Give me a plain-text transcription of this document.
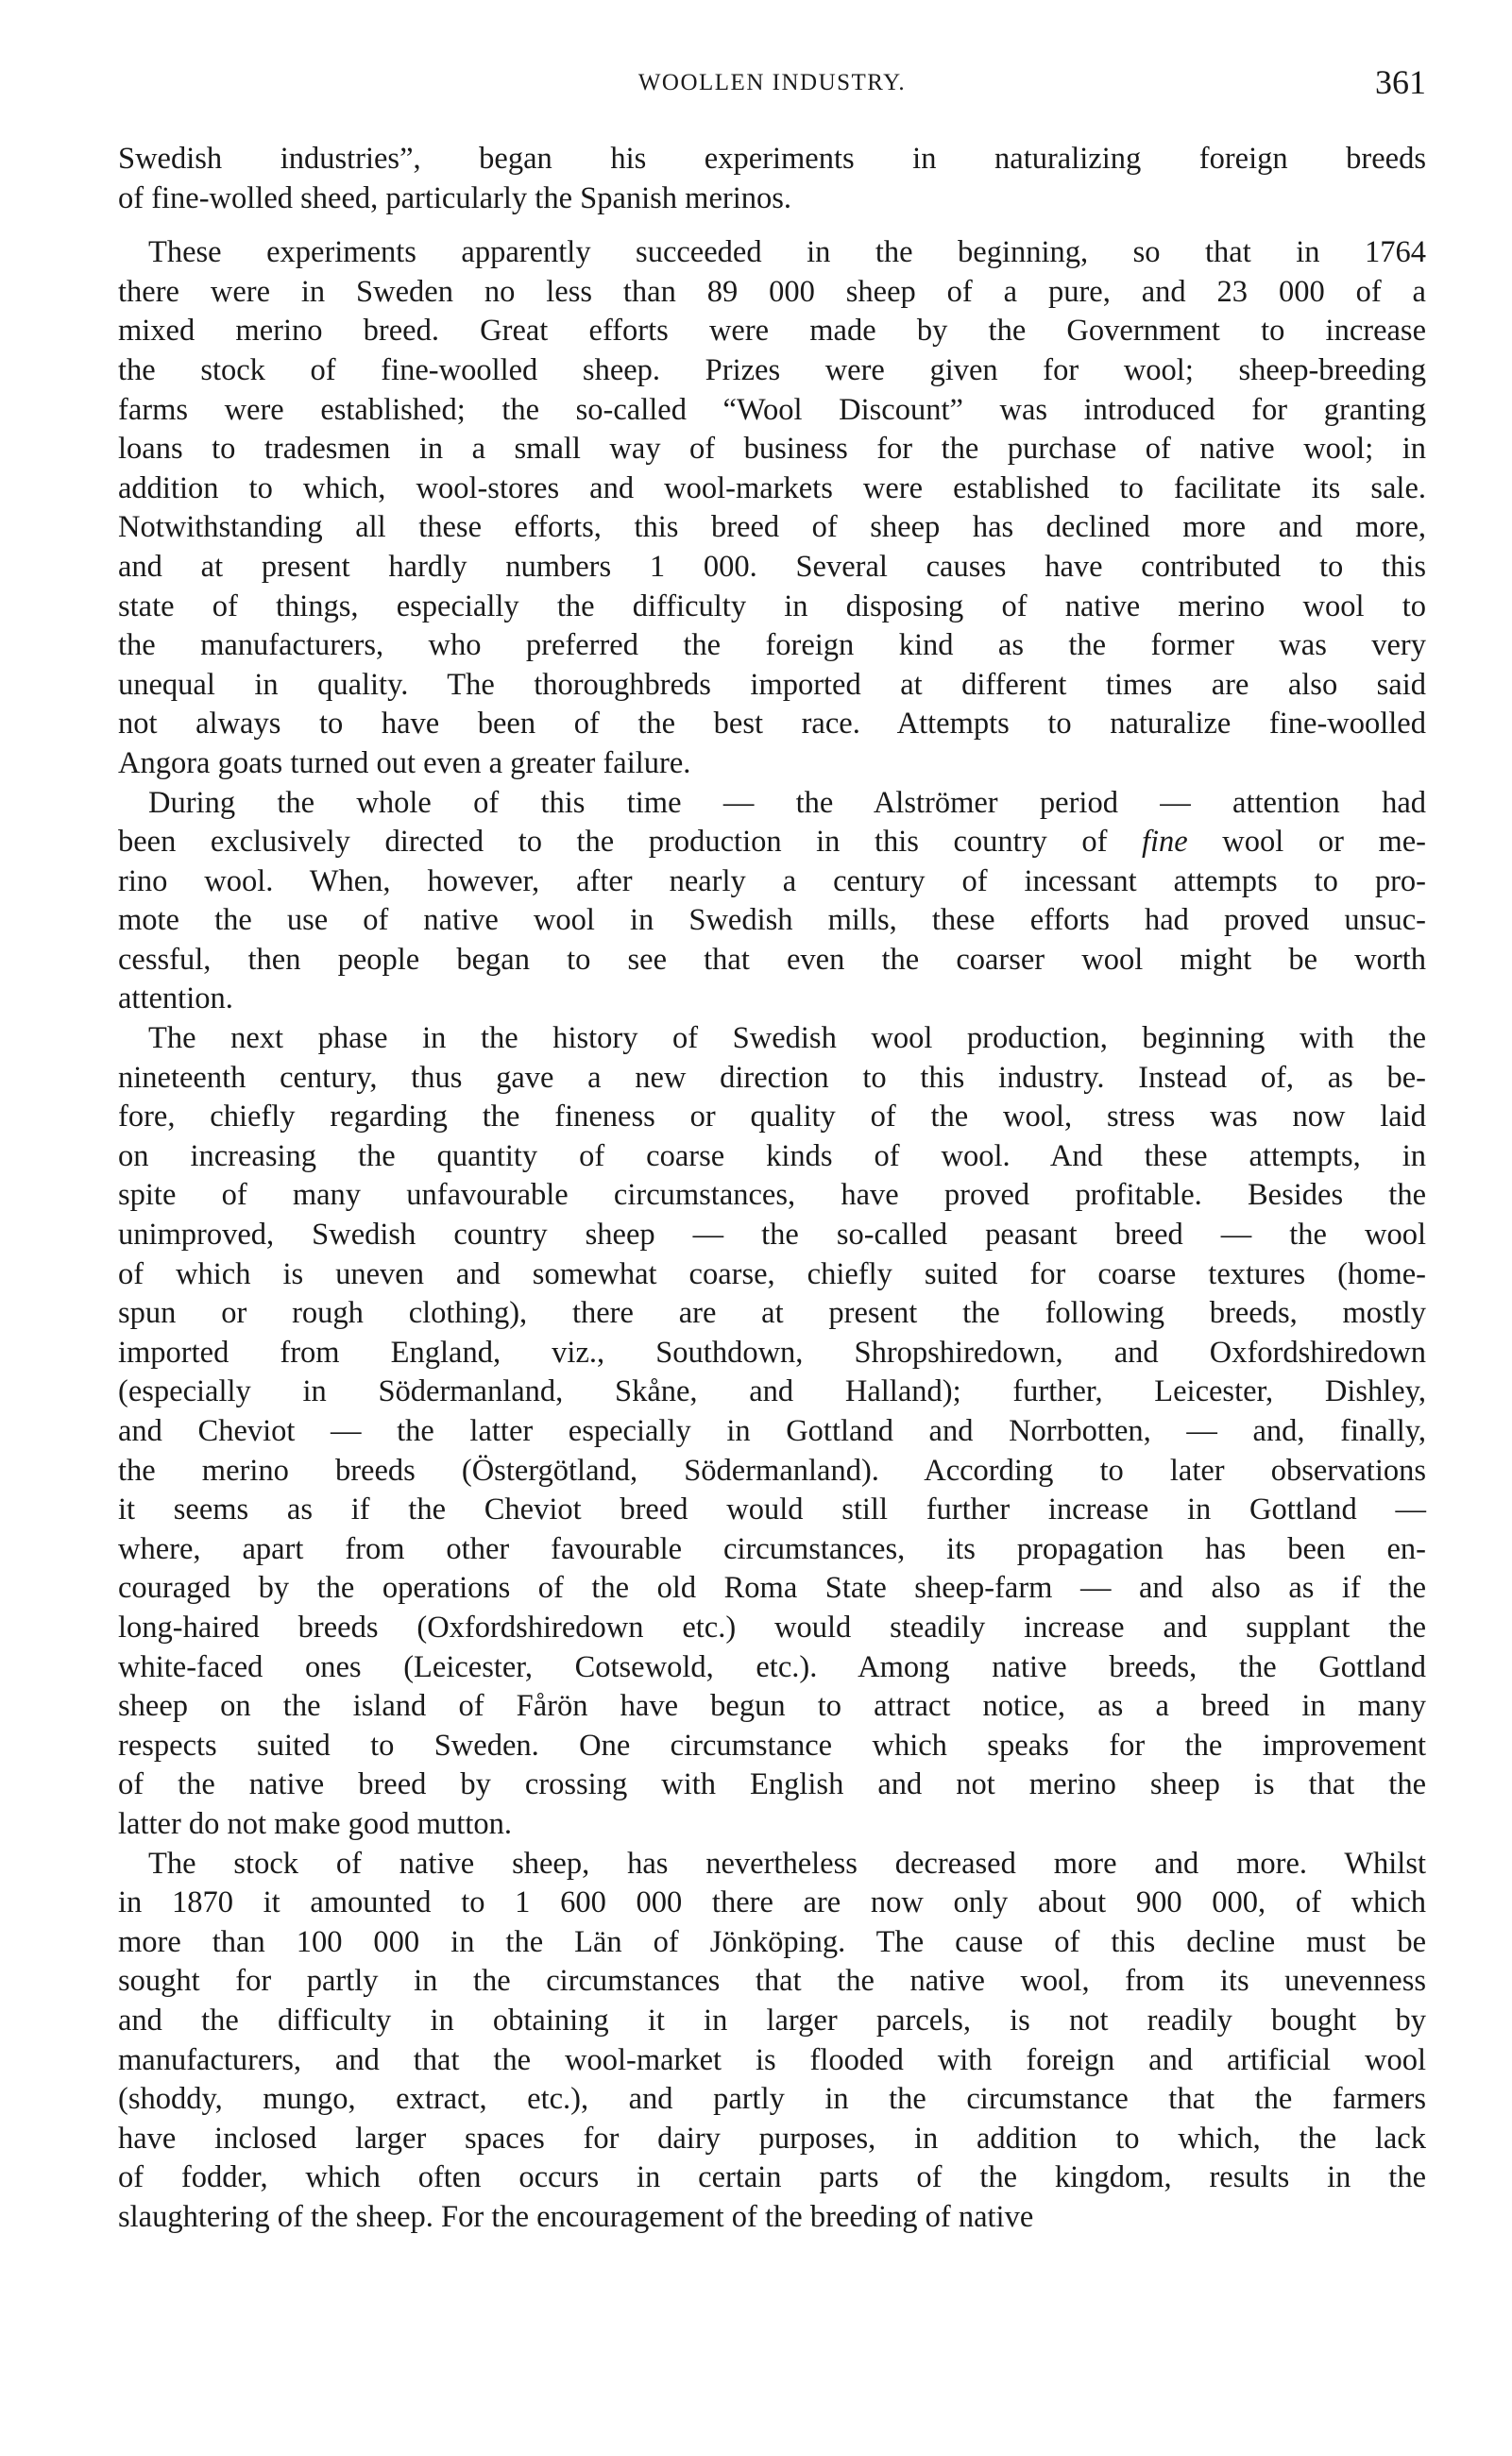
WOOLLEN INDUSTRY.	361
Swedish industries”, began his experiments in naturalizing foreign breeds
of fine-wolled sheed, particularly the Spanish merinos.
These experiments apparently succeeded in the beginning, so that in 1764
there were in Sweden no less than 89 000 sheep of a pure, and 23 000 of a
mixed merino breed. Great efforts were made by the Government to increase
the stock of fine-woolled sheep. Prizes were given for wool; sheep-breeding
farms were established; the so-called “Wool Discount” was introduced for granting
loans to tradesmen in a small way of business for the purchase of native wool; in
addition to which, wool-stores and wool-markets were established to facilitate its sale.
Notwithstanding all these efforts, this breed of sheep has declined more and more,
and at present hardly numbers 1 000. Several causes have contributed to this
state of things, especially the difficulty in disposing of native merino wool to
the manufacturers, who preferred the foreign kind as the former was very
unequal in quality. The thoroughbreds imported at different times are also said
not always to have been of the best race. Attempts to naturalize fine-woolled
Angora goats turned out even a greater failure.
During the whole of this time — the Alströmer period — attention had
been exclusively directed to the production in this country of fine wool or me-
rino wool. When, however, after nearly a century of incessant attempts to pro-
mote the use of native wool in Swedish mills, these efforts had proved unsuc-
cessful, then people began to see that even the coarser wool might be worth
attention.
The next phase in the history of Swedish wool production, beginning with the
nineteenth century, thus gave a new direction to this industry. Instead of, as be-
fore, chiefly regarding the fineness or quality of the wool, stress was now laid
on increasing the quantity of coarse kinds of wool. And these attempts, in
spite of many unfavourable circumstances, have proved profitable. Besides the
unimproved, Swedish country sheep — the so-called peasant breed — the wool
of which is uneven and somewhat coarse, chiefly suited for coarse textures (home-
spun or rough clothing), there are at present the following breeds, mostly
imported from England, viz., Southdown, Shropshiredown, and Oxfordshiredown
(especially in Södermanland, Skåne, and Halland); further, Leicester, Dishley,
and Cheviot — the latter especially in Gottland and Norrbotten, — and, finally,
the merino breeds (Östergötland, Södermanland). According to later observations
it seems as if the Cheviot breed would still further increase in Gottland —
where, apart from other favourable circumstances, its propagation has been en-
couraged by the operations of the old Roma State sheep-farm — and also as if the
long-haired breeds (Oxfordshiredown etc.) would steadily increase and supplant the
white-faced ones (Leicester, Cotsewold, etc.). Among native breeds, the Gottland
sheep on the island of Fårön have begun to attract notice, as a breed in many
respects suited to Sweden. One circumstance which speaks for the improvement
of the native breed by crossing with English and not merino sheep is that the
latter do not make good mutton.
The stock of native sheep, has nevertheless decreased more and more. Whilst
in 1870 it amounted to 1 600 000 there are now only about 900 000, of which
more than 100 000 in the Län of Jönköping. The cause of this decline must be
sought for partly in the circumstances that the native wool, from its unevenness
and the difficulty in obtaining it in larger parcels, is not readily bought by
manufacturers, and that the wool-market is flooded with foreign and artificial wool
(shoddy, mungo, extract, etc.), and partly in the circumstance that the farmers
have inclosed larger spaces for dairy purposes, in addition to which, the lack
of fodder, which often occurs in certain parts of the kingdom, results in the
slaughtering of the sheep. For the encouragement of the breeding of native
